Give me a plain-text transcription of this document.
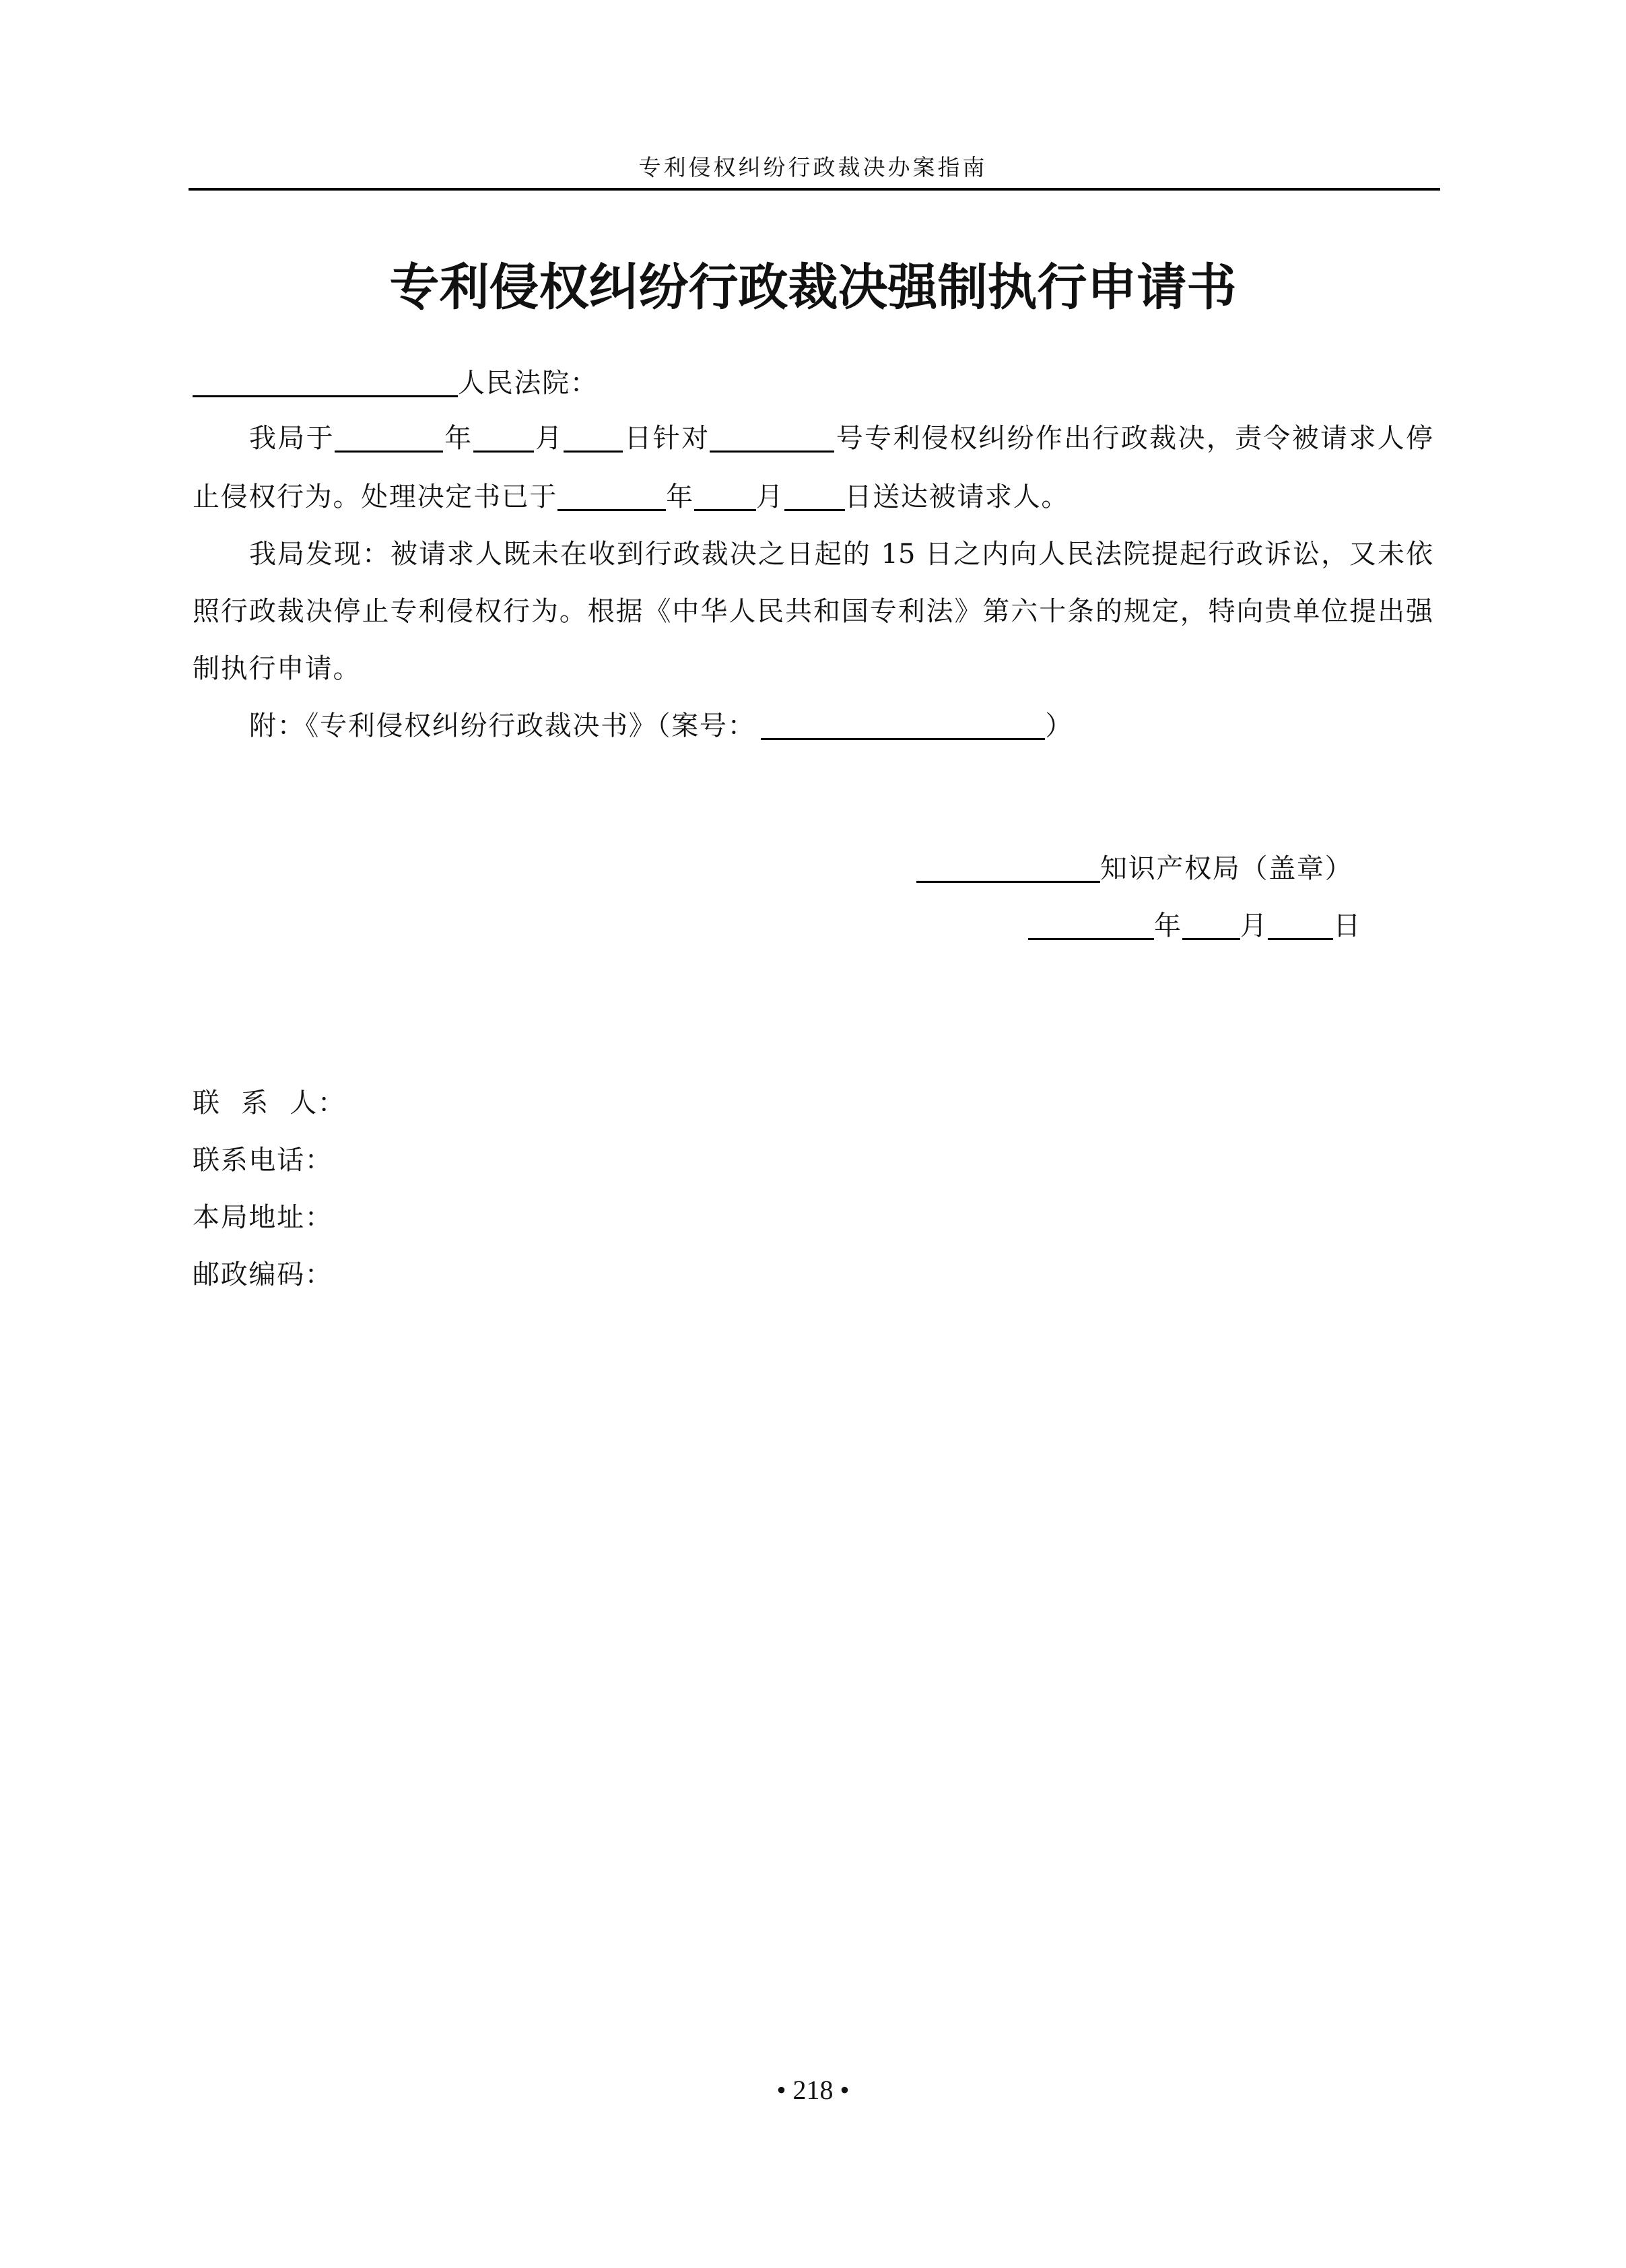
专利侵权纠纷行政裁决办案指南
专利侵权纠纷行政裁决强制执行申请书
人民法院：
我局于	年 月 日针对	号专利侵权纠纷作出行政裁决，责令被请求人停
止侵权行为。处理决定书已于	年 月 日送达被请求人。
我局发现：被请求人既未在收到行政裁决之日起的 15 日之内向人民法院提起行政诉讼，又未依
照行政裁决停止专利侵权行为。根据《中华人民共和国专利法》第六十条的规定，特向贵单位提出强
制执行申请。
附：《专利侵权纠纷行政裁决书》（案号：	）
知识产权局（盖章）
年 月 日
联 系 人：
联系电话：
本局地址：
邮政编码：
• 218 •
